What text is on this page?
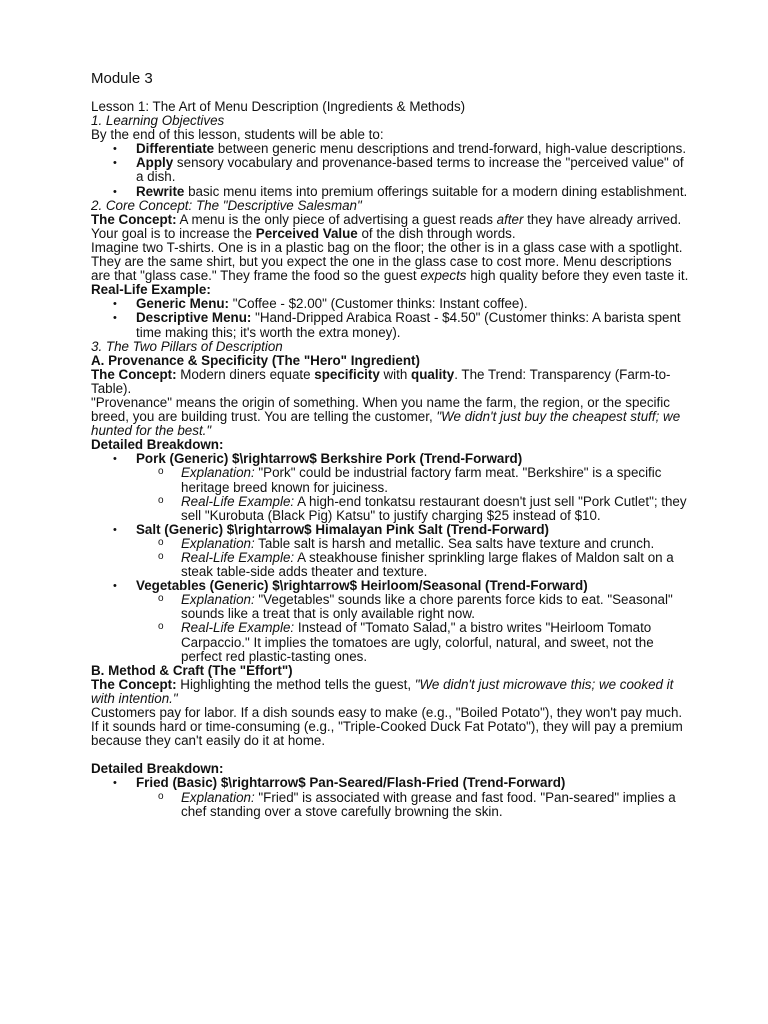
Module 3

Lesson 1: The Art of Menu Description (Ingredients & Methods)

1. Learning Objectives

By the end of this lesson, students will be able to:

• Differentiate between generic menu descriptions and trend-forward, high-value descriptions.
• Apply sensory vocabulary and provenance-based terms to increase the "perceived value" of a dish.
• Rewrite basic menu items into premium offerings suitable for a modern dining establishment.

2. Core Concept: The "Descriptive Salesman"

The Concept: A menu is the only piece of advertising a guest reads after they have already arrived. Your goal is to increase the Perceived Value of the dish through words.

Imagine two T-shirts. One is in a plastic bag on the floor; the other is in a glass case with a spotlight. They are the same shirt, but you expect the one in the glass case to cost more. Menu descriptions are that "glass case." They frame the food so the guest expects high quality before they even taste it.

Real-Life Example:

• Generic Menu: "Coffee - $2.00" (Customer thinks: Instant coffee).
• Descriptive Menu: "Hand-Dripped Arabica Roast - $4.50" (Customer thinks: A barista spent time making this; it's worth the extra money).

3. The Two Pillars of Description

A. Provenance & Specificity (The "Hero" Ingredient)

The Concept: Modern diners equate specificity with quality. The Trend: Transparency (Farm-to-Table).

"Provenance" means the origin of something. When you name the farm, the region, or the specific breed, you are building trust. You are telling the customer, "We didn't just buy the cheapest stuff; we hunted for the best."

Detailed Breakdown:

• Pork (Generic) $\rightarrow$ Berkshire Pork (Trend-Forward)
o Explanation: "Pork" could be industrial factory farm meat. "Berkshire" is a specific heritage breed known for juiciness.
o Real-Life Example: A high-end tonkatsu restaurant doesn't just sell "Pork Cutlet"; they sell "Kurobuta (Black Pig) Katsu" to justify charging $25 instead of $10.
• Salt (Generic) $\rightarrow$ Himalayan Pink Salt (Trend-Forward)
o Explanation: Table salt is harsh and metallic. Sea salts have texture and crunch.
o Real-Life Example: A steakhouse finisher sprinkling large flakes of Maldon salt on a steak table-side adds theater and texture.
• Vegetables (Generic) $\rightarrow$ Heirloom/Seasonal (Trend-Forward)
o Explanation: "Vegetables" sounds like a chore parents force kids to eat. "Seasonal" sounds like a treat that is only available right now.
o Real-Life Example: Instead of "Tomato Salad," a bistro writes "Heirloom Tomato Carpaccio." It implies the tomatoes are ugly, colorful, natural, and sweet, not the perfect red plastic-tasting ones.

B. Method & Craft (The "Effort")

The Concept: Highlighting the method tells the guest, "We didn't just microwave this; we cooked it with intention."

Customers pay for labor. If a dish sounds easy to make (e.g., "Boiled Potato"), they won't pay much. If it sounds hard or time-consuming (e.g., "Triple-Cooked Duck Fat Potato"), they will pay a premium because they can't easily do it at home.

Detailed Breakdown:

• Fried (Basic) $\rightarrow$ Pan-Seared/Flash-Fried (Trend-Forward)
o Explanation: "Fried" is associated with grease and fast food. "Pan-seared" implies a chef standing over a stove carefully browning the skin.
